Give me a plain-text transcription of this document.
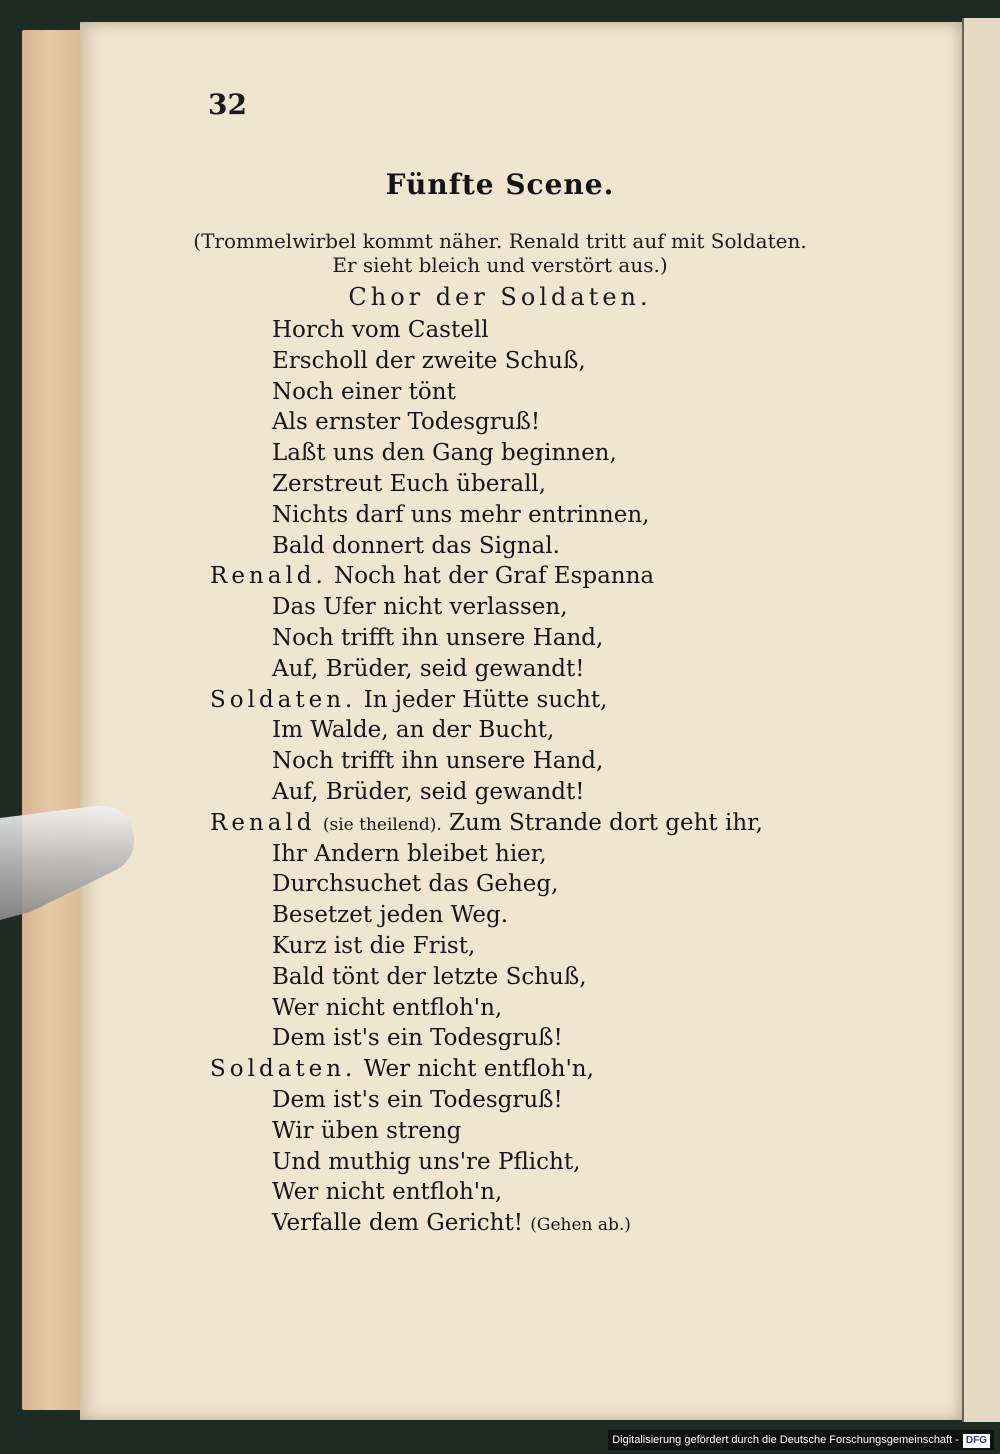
32
Fünfte Scene.
(Trommelwirbel kommt näher. Renald tritt auf mit Soldaten.
Er sieht bleich und verstört aus.)
Chor der Soldaten.
Horch vom Castell
Erscholl der zweite Schuß,
Noch einer tönt
Als ernster Todesgruß!
Laßt uns den Gang beginnen,
Zerstreut Euch überall,
Nichts darf uns mehr entrinnen,
Bald donnert das Signal.
Renald. Noch hat der Graf Espanna
Das Ufer nicht verlassen,
Noch trifft ihn unsere Hand,
Auf, Brüder, seid gewandt!
Soldaten. In jeder Hütte sucht,
Im Walde, an der Bucht,
Noch trifft ihn unsere Hand,
Auf, Brüder, seid gewandt!
Renald (sie theilend). Zum Strande dort geht ihr,
Ihr Andern bleibet hier,
Durchsuchet das Geheg,
Besetzet jeden Weg.
Kurz ist die Frist,
Bald tönt der letzte Schuß,
Wer nicht entfloh'n,
Dem ist's ein Todesgruß!
Soldaten. Wer nicht entfloh'n,
Dem ist's ein Todesgruß!
Wir üben streng
Und muthig uns're Pflicht,
Wer nicht entfloh'n,
Verfalle dem Gericht! (Gehen ab.)
Digitalisierung gefördert durch die Deutsche Forschungsgemeinschaft - DFG
